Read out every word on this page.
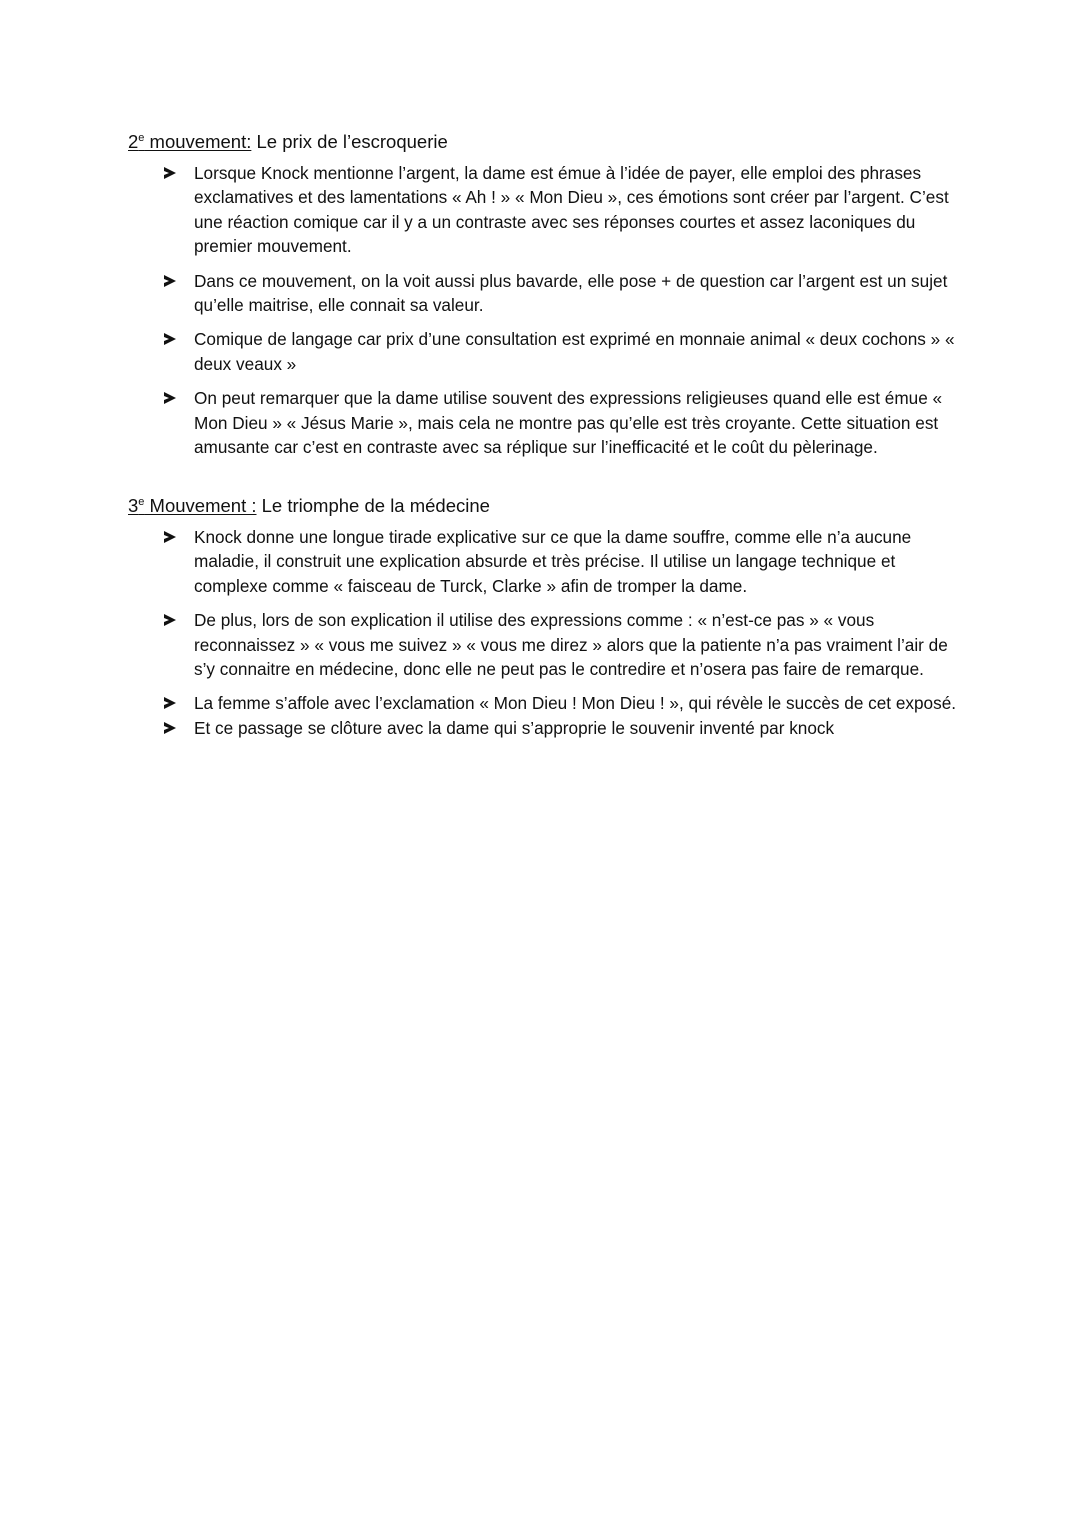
2e mouvement: Le prix de l’escroquerie
Lorsque Knock mentionne l’argent, la dame est émue à l’idée de payer, elle emploi des phrases exclamatives et des lamentations « Ah ! » « Mon Dieu », ces émotions sont créer par l’argent. C’est une réaction comique car il y a un contraste avec ses réponses courtes et assez laconiques du premier mouvement.
Dans ce mouvement, on la voit aussi plus bavarde, elle pose + de question car l’argent est un sujet qu’elle maitrise, elle connait sa valeur.
Comique de langage car prix d’une consultation est exprimé en monnaie animal « deux cochons » « deux veaux »
On peut remarquer que la dame utilise souvent des expressions religieuses quand elle est émue « Mon Dieu » « Jésus Marie », mais cela ne montre pas qu’elle est très croyante. Cette situation est amusante car c’est en contraste avec sa réplique sur l’inefficacité et le coût du pèlerinage.
3e Mouvement : Le triomphe de la médecine
Knock donne une longue tirade explicative sur ce que la dame souffre, comme elle n’a aucune maladie, il construit une explication absurde et très précise. Il utilise un langage technique et complexe comme « faisceau de Turck, Clarke » afin de tromper la dame.
De plus, lors de son explication il utilise des expressions comme : « n’est-ce pas » « vous reconnaissez » « vous me suivez » « vous me direz » alors que la patiente n’a pas vraiment l’air de s’y connaitre en médecine, donc elle ne peut pas le contredire et n’osera pas faire de remarque.
La femme s’affole avec l’exclamation « Mon Dieu ! Mon Dieu ! », qui révèle le succès de cet exposé.
Et ce passage se clôture avec la dame qui s’approprie le souvenir inventé par knock
